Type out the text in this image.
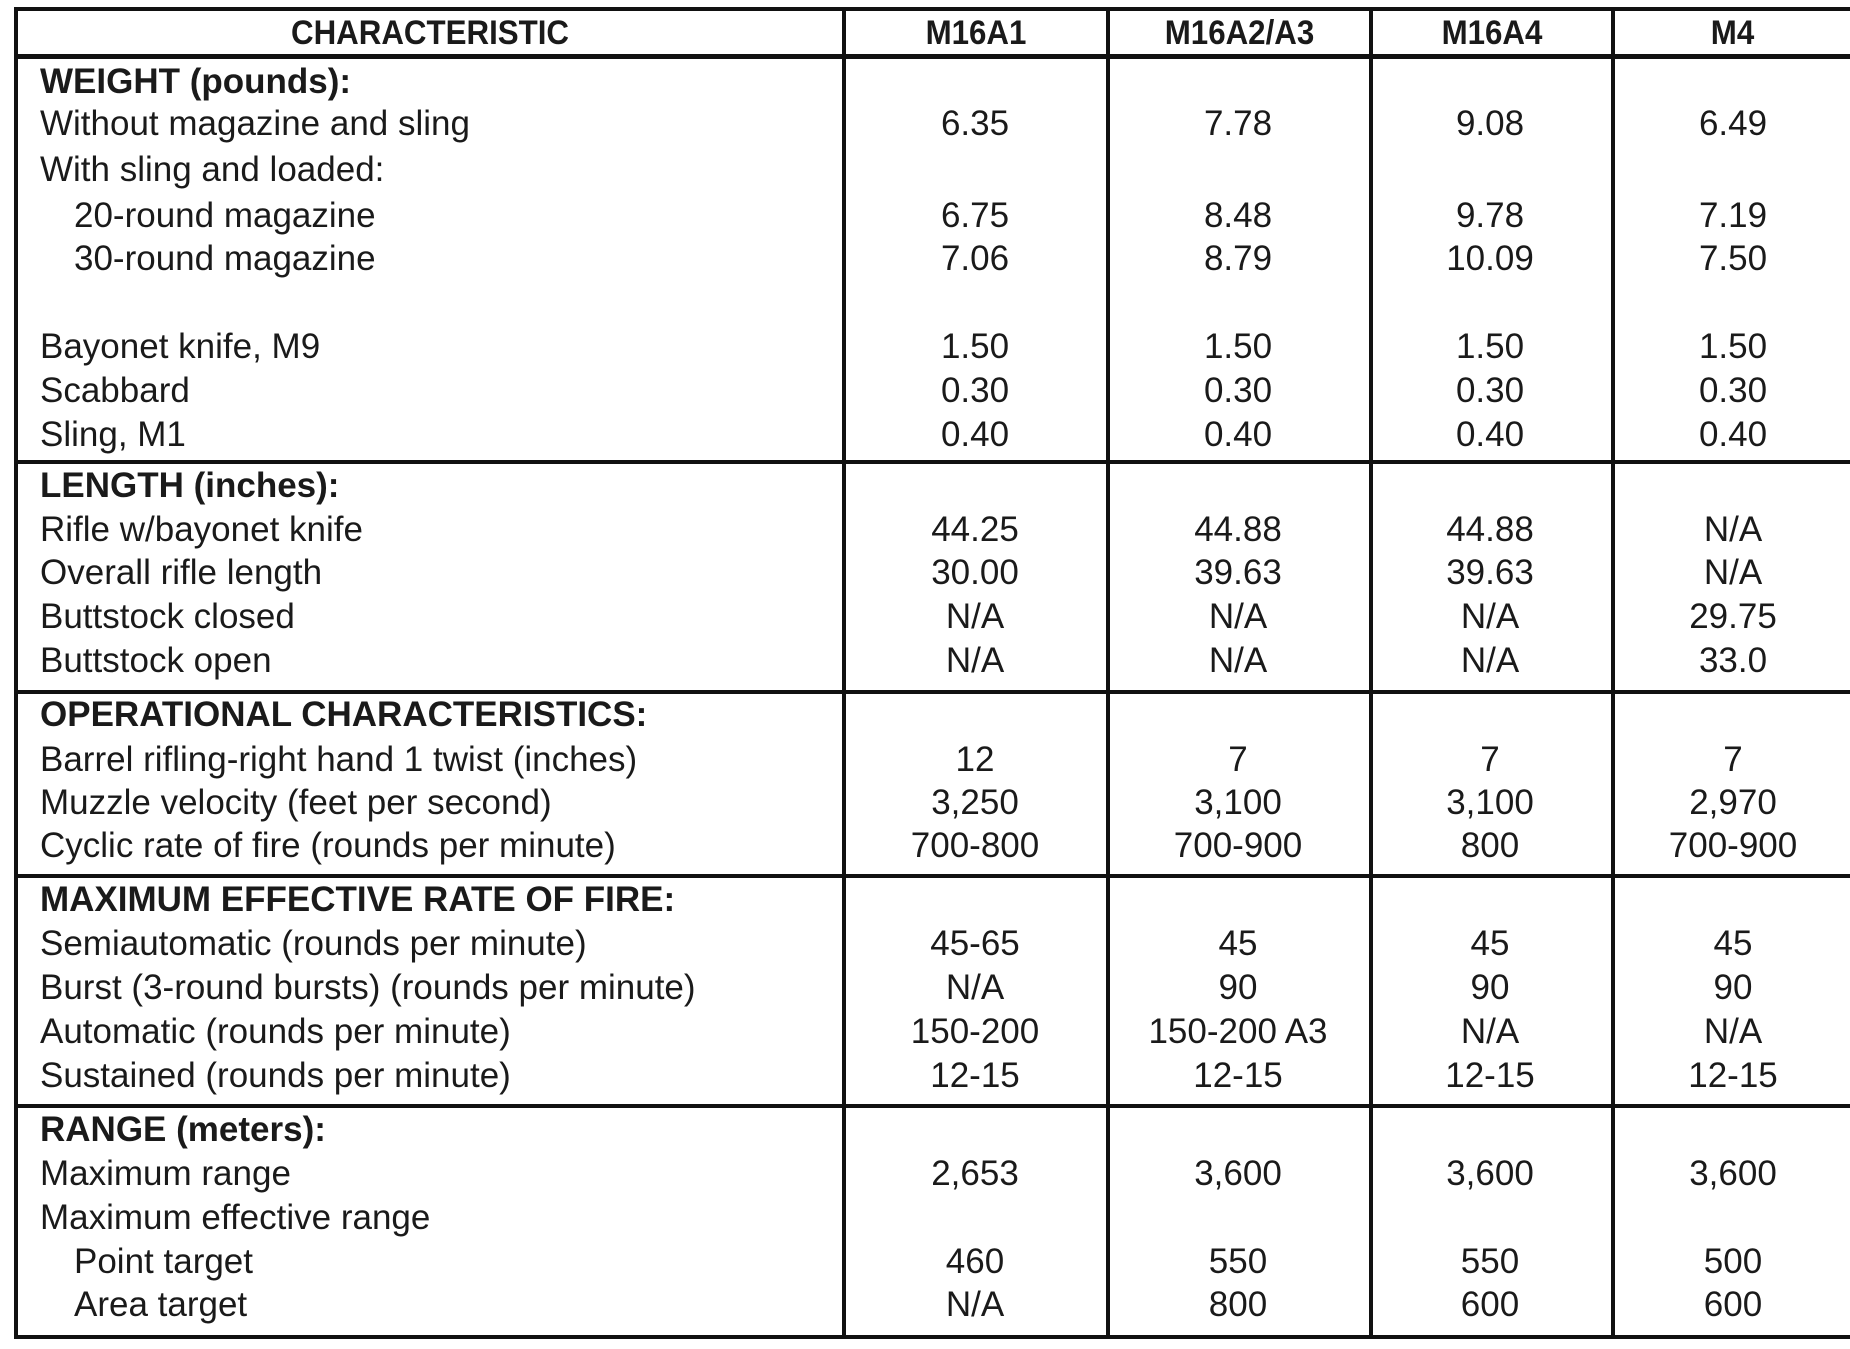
CHARACTERISTIC	M16A1	M16A2/A3	M16A4	M4
WEIGHT (pounds):
Without magazine and sling	6.35	7.78	9.08	6.49
With sling and loaded:
20-round magazine	6.75	8.48	9.78	7.19
30-round magazine	7.06	8.79	10.09	7.50
Bayonet knife, M9	1.50	1.50	1.50	1.50
Scabbard	0.30	0.30	0.30	0.30
Sling, M1	0.40	0.40	0.40	0.40
LENGTH (inches):
Rifle w/bayonet knife	44.25	44.88	44.88	N/A
Overall rifle length	30.00	39.63	39.63	N/A
Buttstock closed	N/A	N/A	N/A	29.75
Buttstock open	N/A	N/A	N/A	33.0
OPERATIONAL CHARACTERISTICS:
Barrel rifling-right hand 1 twist (inches)	12	7	7	7
Muzzle velocity (feet per second)	3,250	3,100	3,100	2,970
Cyclic rate of fire (rounds per minute)	700-800	700-900	800	700-900
MAXIMUM EFFECTIVE RATE OF FIRE:
Semiautomatic (rounds per minute)	45-65	45	45	45
Burst (3-round bursts) (rounds per minute)	N/A	90	90	90
Automatic (rounds per minute)	150-200	150-200 A3	N/A	N/A
Sustained (rounds per minute)	12-15	12-15	12-15	12-15
RANGE (meters):
Maximum range	2,653	3,600	3,600	3,600
Maximum effective range
Point target	460	550	550	500
Area target	N/A	800	600	600
